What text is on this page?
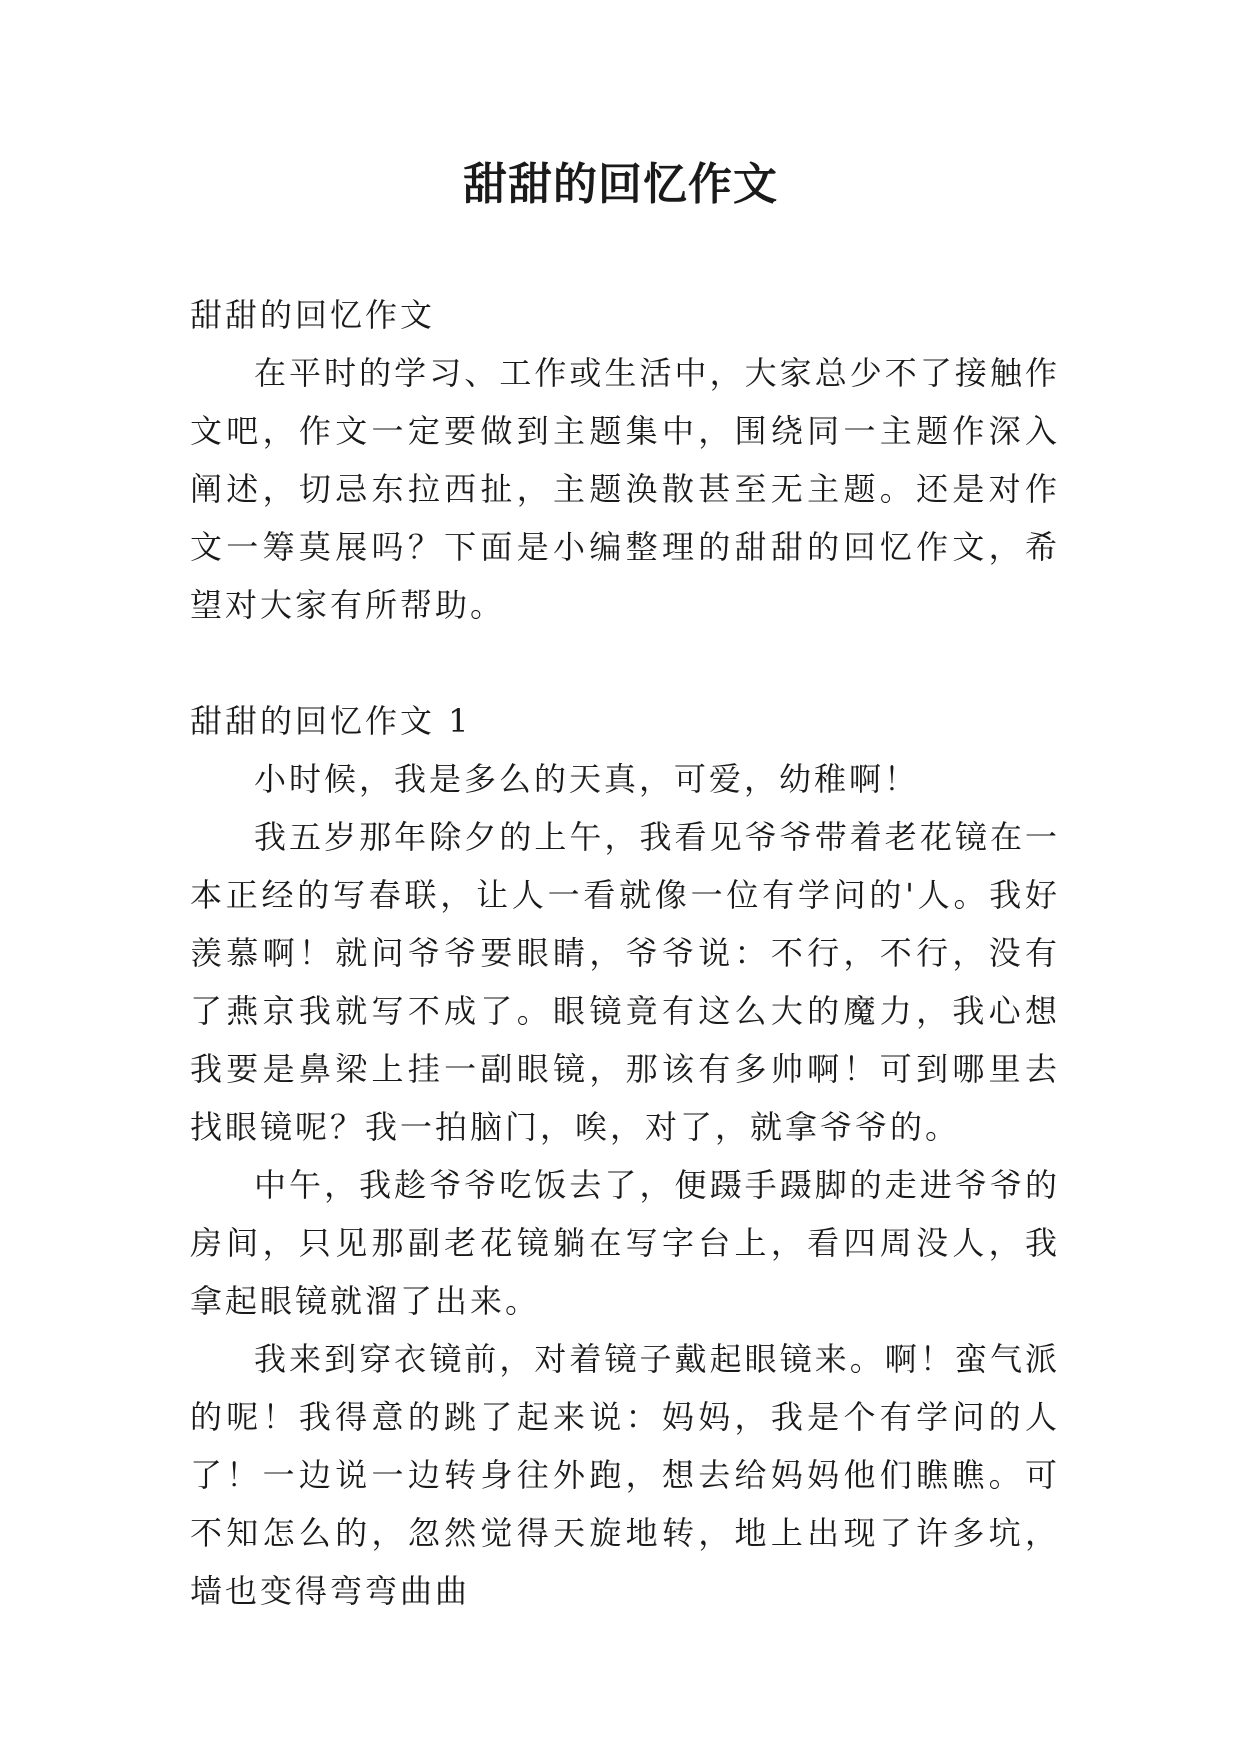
甜甜的回忆作文

甜甜的回忆作文

在平时的学习、工作或生活中，大家总少不了接触作文吧，作文一定要做到主题集中，围绕同一主题作深入阐述，切忌东拉西扯，主题涣散甚至无主题。还是对作文一筹莫展吗？下面是小编整理的甜甜的回忆作文，希望对大家有所帮助。

甜甜的回忆作文 1

小时候，我是多么的天真，可爱，幼稚啊！

我五岁那年除夕的上午，我看见爷爷带着老花镜在一本正经的写春联，让人一看就像一位有学问的'人。我好羡慕啊！就问爷爷要眼睛，爷爷说：不行，不行，没有了燕京我就写不成了。眼镜竟有这么大的魔力，我心想我要是鼻梁上挂一副眼镜，那该有多帅啊！可到哪里去找眼镜呢？我一拍脑门，唉，对了，就拿爷爷的。

中午，我趁爷爷吃饭去了，便蹑手蹑脚的走进爷爷的房间，只见那副老花镜躺在写字台上，看四周没人，我拿起眼镜就溜了出来。

我来到穿衣镜前，对着镜子戴起眼镜来。啊！蛮气派的呢！我得意的跳了起来说：妈妈，我是个有学问的人了！一边说一边转身往外跑，想去给妈妈他们瞧瞧。可不知怎么的，忽然觉得天旋地转，地上出现了许多坑，墙也变得弯弯曲曲
